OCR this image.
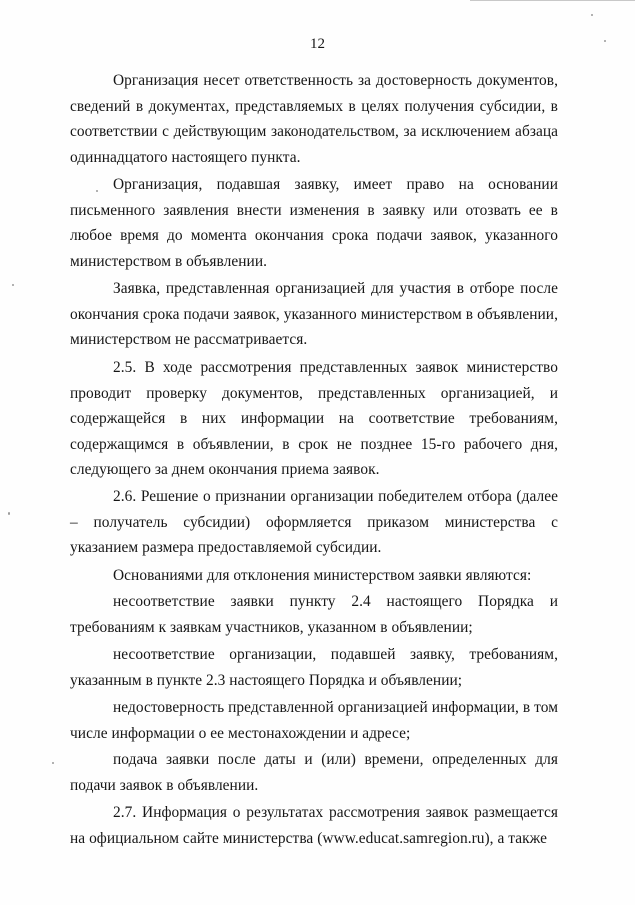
12

Организация несет ответственность за достоверность документов, сведений в документах, представляемых в целях получения субсидии, в соответствии с действующим законодательством, за исключением абзаца одиннадцатого настоящего пункта.

Организация, подавшая заявку, имеет право на основании письменного заявления внести изменения в заявку или отозвать ее в любое время до момента окончания срока подачи заявок, указанного министерством в объявлении.

Заявка, представленная организацией для участия в отборе после окончания срока подачи заявок, указанного министерством в объявлении, министерством не рассматривается.

2.5. В ходе рассмотрения представленных заявок министерство проводит проверку документов, представленных организацией, и содержащейся в них информации на соответствие требованиям, содержащимся в объявлении, в срок не позднее 15-го рабочего дня, следующего за днем окончания приема заявок.

2.6. Решение о признании организации победителем отбора (далее – получатель субсидии) оформляется приказом министерства с указанием размера предоставляемой субсидии.

Основаниями для отклонения министерством заявки являются:

несоответствие заявки пункту 2.4 настоящего Порядка и требованиям к заявкам участников, указанном в объявлении;

несоответствие организации, подавшей заявку, требованиям, указанным в пункте 2.3 настоящего Порядка и объявлении;

недостоверность представленной организацией информации, в том числе информации о ее местонахождении и адресе;

подача заявки после даты и (или) времени, определенных для подачи заявок в объявлении.

2.7. Информация о результатах рассмотрения заявок размещается на официальном сайте министерства (www.educat.samregion.ru), а также
